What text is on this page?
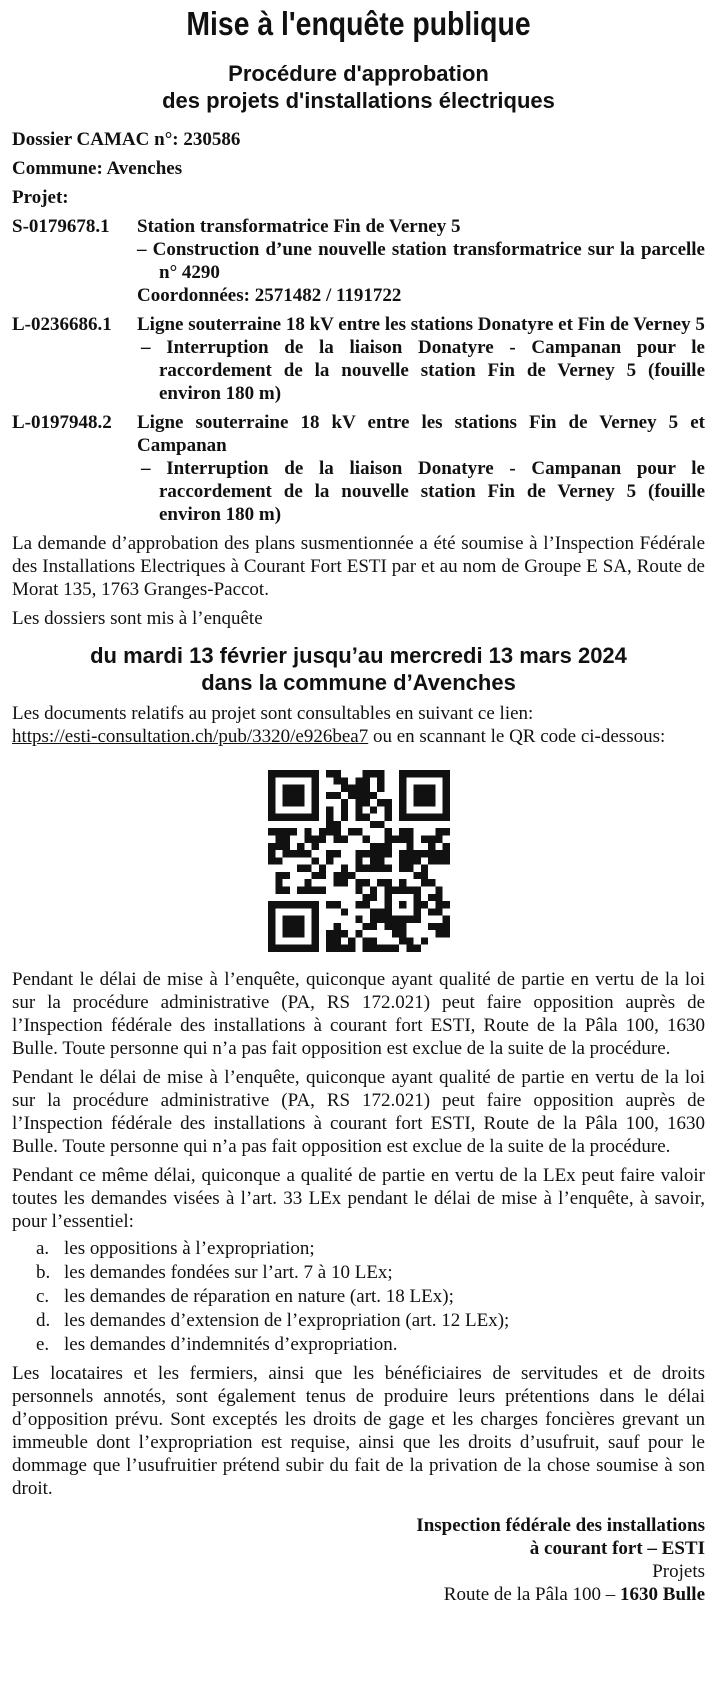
Mise à l'enquête publique
Procédure d'approbation
des projets d'installations électriques

Dossier CAMAC n°: 230586

Commune: Avenches

Projet:

S-0179678.1	Station transformatrice Fin de Verney 5

– Construction d’une nouvelle station transformatrice sur la parcelle n° 4290

Coordonnées: 2571482 / 1191722

L-0236686.1	Ligne souterraine 18 kV entre les stations Donatyre et Fin de Verney 5

– Interruption de la liaison Donatyre - Campanan pour le raccordement de la nouvelle station Fin de Verney 5 (fouille environ 180 m)

L-0197948.2	Ligne souterraine 18 kV entre les stations Fin de Verney 5 et Campanan

– Interruption de la liaison Donatyre - Campanan pour le raccordement de la nouvelle station Fin de Verney 5 (fouille environ 180 m)

La demande d’approbation des plans susmentionnée a été soumise à l’Inspection Fédérale des Installations Electriques à Courant Fort ESTI par et au nom de Groupe E SA, Route de Morat 135, 1763 Granges-Paccot.

Les dossiers sont mis à l’enquête

du mardi 13 février jusqu’au mercredi 13 mars 2024
dans la commune d’Avenches

Les documents relatifs au projet sont consultables en suivant ce lien:
https://esti-consultation.ch/pub/3320/e926bea7 ou en scannant le QR code ci-dessous:

Pendant le délai de mise à l’enquête, quiconque ayant qualité de partie en vertu de la loi sur la procédure administrative (PA, RS 172.021) peut faire opposition auprès de l’Inspection fédérale des installations à courant fort ESTI, Route de la Pâla 100, 1630 Bulle. Toute personne qui n’a pas fait opposition est exclue de la suite de la procédure.

Pendant le délai de mise à l’enquête, quiconque ayant qualité de partie en vertu de la loi sur la procédure administrative (PA, RS 172.021) peut faire opposition auprès de l’Inspection fédérale des installations à courant fort ESTI, Route de la Pâla 100, 1630 Bulle. Toute personne qui n’a pas fait opposition est exclue de la suite de la procédure.

Pendant ce même délai, quiconque a qualité de partie en vertu de la LEx peut faire valoir toutes les demandes visées à l’art. 33 LEx pendant le délai de mise à l’enquête, à savoir, pour l’essentiel:

a. les oppositions à l’expropriation;
b. les demandes fondées sur l’art. 7 à 10 LEx;
c. les demandes de réparation en nature (art. 18 LEx);
d. les demandes d’extension de l’expropriation (art. 12 LEx);
e. les demandes d’indemnités d’expropriation.

Les locataires et les fermiers, ainsi que les bénéficiaires de servitudes et de droits personnels annotés, sont également tenus de produire leurs prétentions dans le délai d’opposition prévu. Sont exceptés les droits de gage et les charges foncières grevant un immeuble dont l’expropriation est requise, ainsi que les droits d’usufruit, sauf pour le dommage que l’usufruitier prétend subir du fait de la privation de la chose soumise à son droit.

Inspection fédérale des installations
à courant fort – ESTI
Projets
Route de la Pâla 100 – 1630 Bulle
